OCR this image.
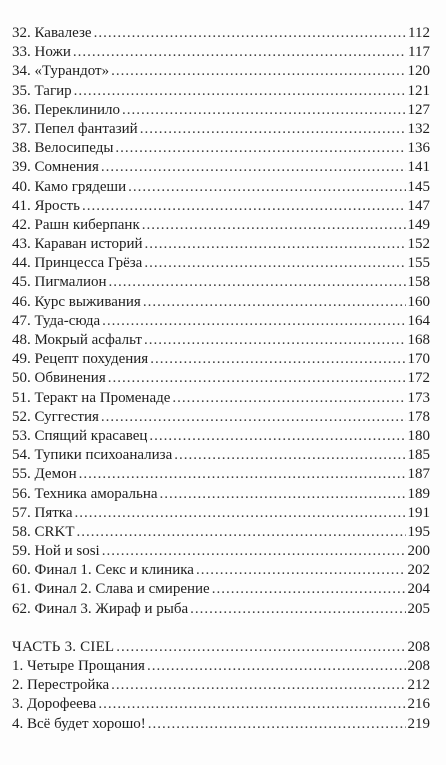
32. Кавалезе .....	112
33. Ножи .....	117
34. «Турандот» .....	120
35. Тагир .....	121
36. Переклинило .....	127
37. Пепел фантазий .....	132
38. Велосипеды .....	136
39. Сомнения .....	141
40. Камо грядеши .....	145
41. Ярость .....	147
42. Рашн киберпанк .....	149
43. Караван историй .....	152
44. Принцесса Грёза .....	155
45. Пигмалион .....	158
46. Курс выживания .....	160
47. Туда-сюда .....	164
48. Мокрый асфальт .....	168
49. Рецепт похудения .....	170
50. Обвинения .....	172
51. Теракт на Променаде .....	173
52. Суггестия .....	178
53. Спящий красавец .....	180
54. Тупики психоанализа .....	185
55. Демон .....	187
56. Техника аморальна .....	189
57. Пятка .....	191
58. CRKT .....	195
59. Ной и sosi .....	200
60. Финал 1. Секс и клиника .....	202
61. Финал 2. Слава и смирение .....	204
62. Финал 3. Жираф и рыба .....	205
ЧАСТЬ 3. CIEL .....	208
1. Четыре Прощания .....	208
2. Перестройка .....	212
3. Дорофеева .....	216
4. Всё будет хорошо! .....	219
